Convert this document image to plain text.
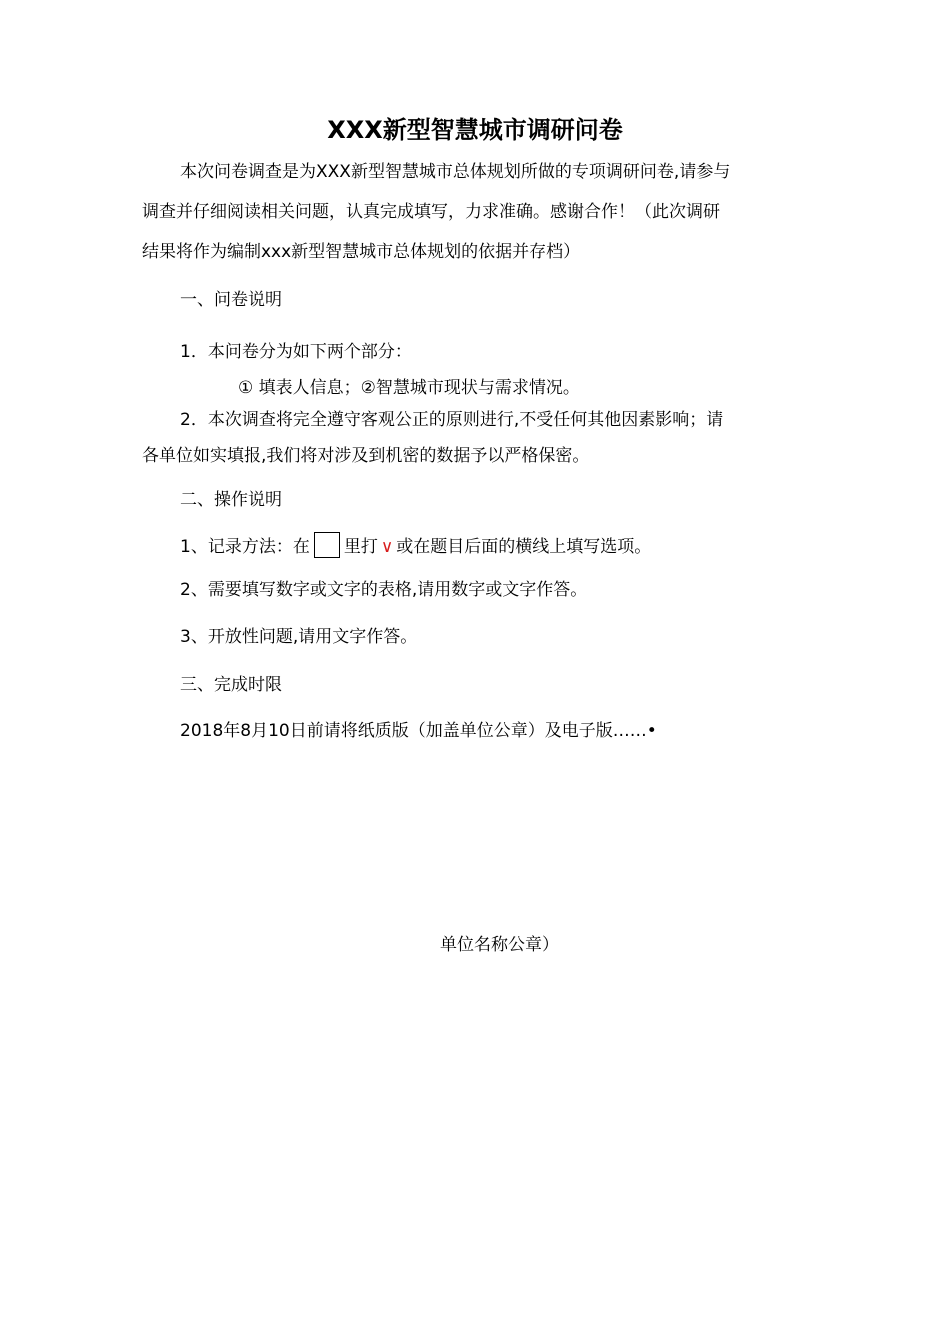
XXX新型智慧城市调研问卷
本次问卷调查是为XXX新型智慧城市总体规划所做的专项调研问卷,请参与
调查并仔细阅读相关问题，认真完成填写，力求准确。感谢合作！（此次调研
结果将作为编制xxx新型智慧城市总体规划的依据并存档）
一、问卷说明
1．本问卷分为如下两个部分：
① 填表人信息；②智慧城市现状与需求情况。
2．本次调查将完全遵守客观公正的原则进行,不受任何其他因素影响；请
各单位如实填报,我们将对涉及到机密的数据予以严格保密。
二、操作说明
1、记录方法：在 里打 ∨ 或在题目后面的横线上填写选项。
2、需要填写数字或文字的表格,请用数字或文字作答。
3、开放性问题,请用文字作答。
三、完成时限
2018年8月10日前请将纸质版（加盖单位公章）及电子版……•
单位名称公章）
